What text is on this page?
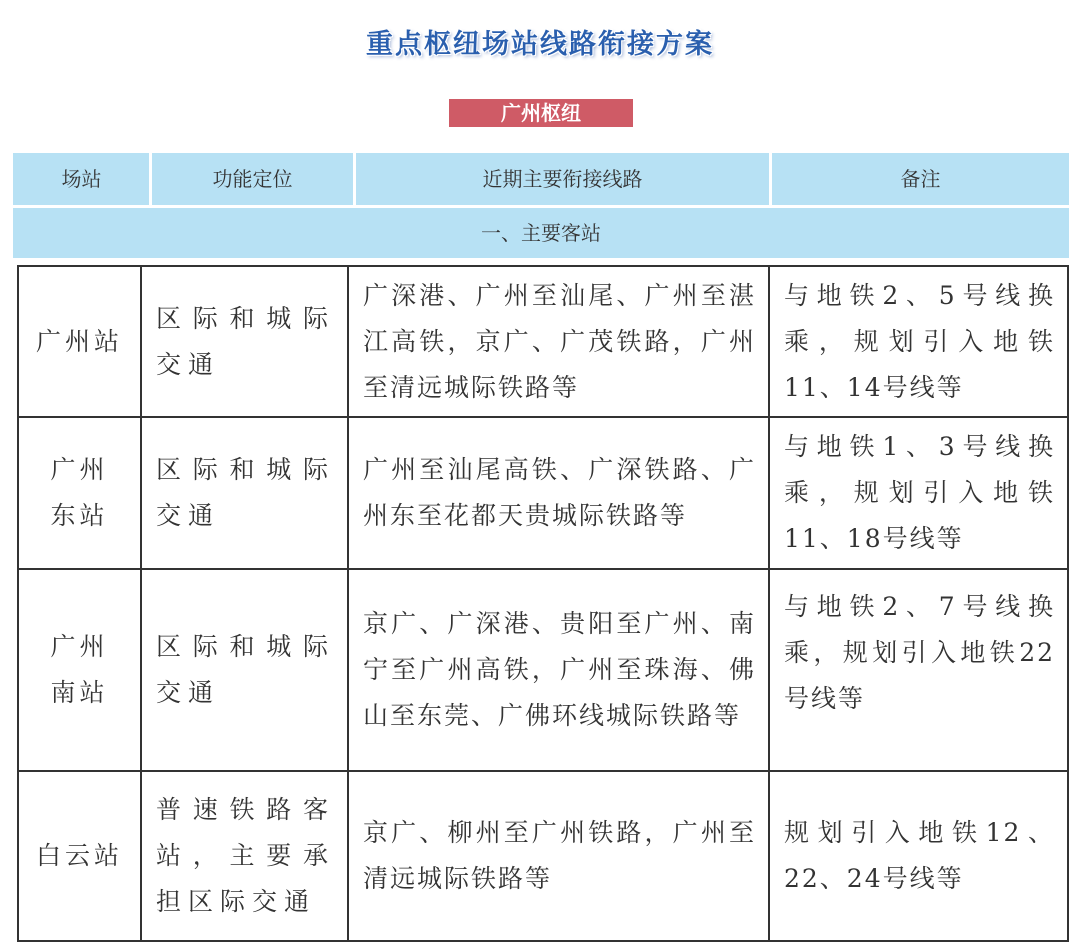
重点枢纽场站线路衔接方案
广州枢纽
场站	功能定位	近期主要衔接线路	备注
一、主要客站
广州站	区际和城际交通	广深港、广州至汕尾、广州至湛江高铁，京广、广茂铁路，广州至清远城际铁路等	与地铁2、5号线换乘，规划引入地铁11、14号线等
广州东站	区际和城际交通	广州至汕尾高铁、广深铁路、广州东至花都天贵城际铁路等	与地铁1、3号线换乘，规划引入地铁11、18号线等
广州南站	区际和城际交通	京广、广深港、贵阳至广州、南宁至广州高铁，广州至珠海、佛山至东莞、广佛环线城际铁路等	与地铁2、7号线换乘，规划引入地铁22号线等
白云站	普速铁路客站，主要承担区际交通	京广、柳州至广州铁路，广州至清远城际铁路等	规划引入地铁12、22、24号线等
